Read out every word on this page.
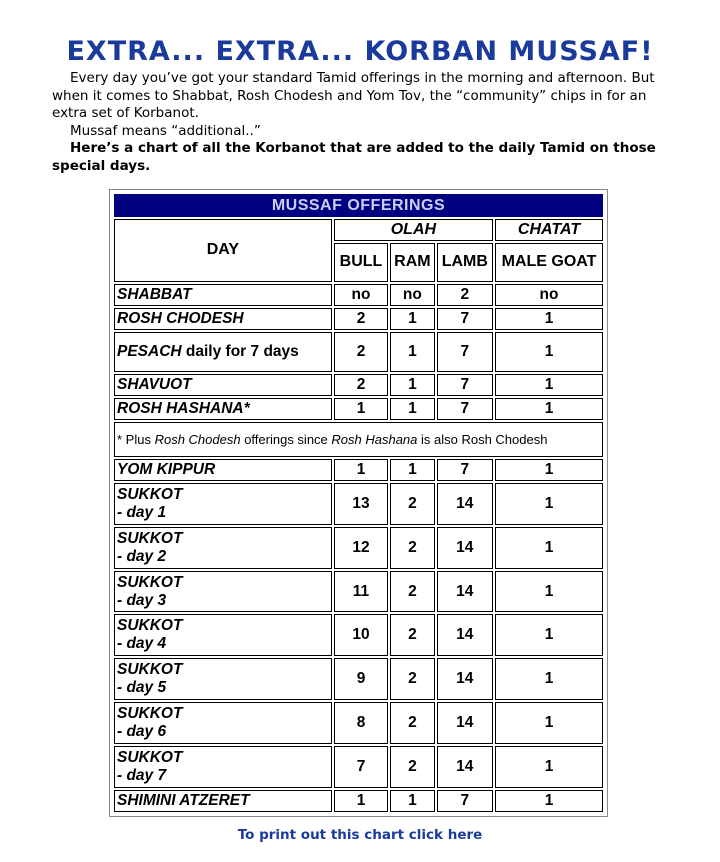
EXTRA... EXTRA... KORBAN MUSSAF!

Every day you’ve got your standard Tamid offerings in the morning and afternoon. But when it comes to Shabbat, Rosh Chodesh and Yom Tov, the “community” chips in for an extra set of Korbanot.

Mussaf means “additional..”

Here’s a chart of all the Korbanot that are added to the daily Tamid on those special days.

MUSSAF OFFERINGS				
DAY	OLAH			CHATAT
	BULL	RAM	LAMB	MALE GOAT
SHABBAT	no	no	2	no
ROSH CHODESH	2	1	7	1
PESACH daily for 7 days	2	1	7	1
SHAVUOT	2	1	7	1
ROSH HASHANA*	1	1	7	1
* Plus Rosh Chodesh offerings since Rosh Hashana is also Rosh Chodesh				
YOM KIPPUR	1	1	7	1
SUKKOT
- day 1	13	2	14	1
SUKKOT
- day 2	12	2	14	1
SUKKOT
- day 3	11	2	14	1
SUKKOT
- day 4	10	2	14	1
SUKKOT
- day 5	9	2	14	1
SUKKOT
- day 6	8	2	14	1
SUKKOT
- day 7	7	2	14	1
SHIMINI ATZERET	1	1	7	1
To print out this chart click here
